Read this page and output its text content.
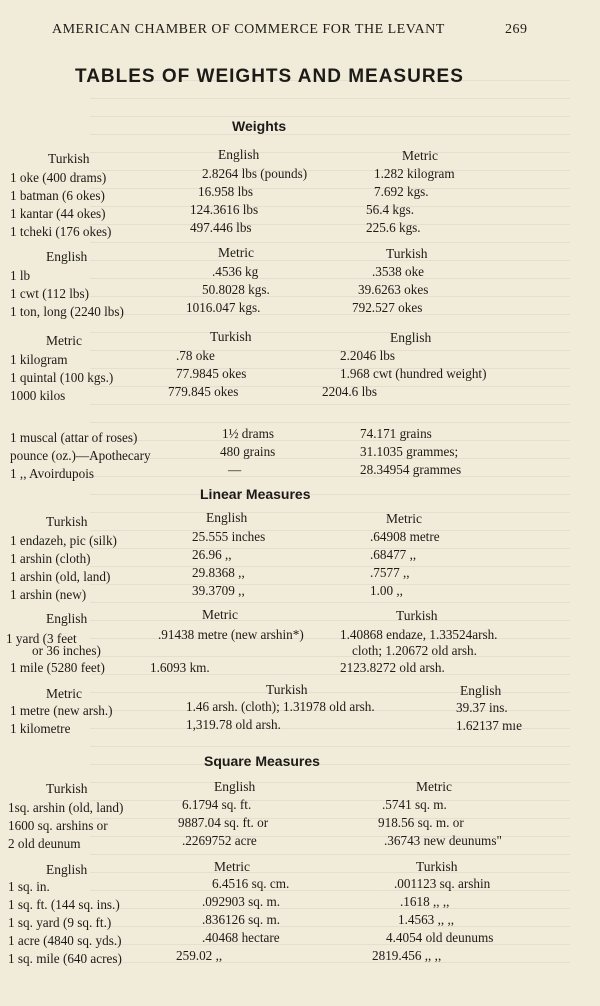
AMERICAN CHAMBER OF COMMERCE FOR THE LEVANT	269
TABLES OF WEIGHTS AND MEASURES
Weights
Turkish	English	Metric
1 oke (400 drams)	2.8264 lbs (pounds)	1.282 kilogram
1 batman (6 okes)	16.958 lbs	7.692 kgs.
1 kantar (44 okes)	124.3616 lbs	56.4 kgs.
1 tcheki (176 okes)	497.446 lbs	225.6 kgs.
English	Metric	Turkish
1 lb	.4536 kg	.3538 oke
1 cwt (112 lbs)	50.8028 kgs.	39.6263 okes
1 ton, long (2240 lbs)	1016.047 kgs.	792.527 okes
Metric	Turkish	English
1 kilogram	.78 oke	2.2046 lbs
1 quintal (100 kgs.)	77.9845 okes	1.968 cwt (hundred weight)
1000 kilos	779.845 okes	2204.6 lbs
1 muscal (attar of roses)	1½ drams	74.171 grains
pounce (oz.)—Apothecary	480 grains	31.1035 grammes;
1 ,, Avoirdupois	—	28.34954 grammes
Linear Measures
Turkish	English	Metric
1 endazeh, pic (silk)	25.555 inches	.64908 metre
1 arshin (cloth)	26.96 ,,	.68477 ,,
1 arshin (old, land)	29.8368 ,,	.7577 ,,
1 arshin (new)	39.3709 ,,	1.00 ,,
English	Metric	Turkish
1 yard (3 feet	.91438 metre (new arshin*)	1.40868 endaze, 1.33524arsh.
or 36 inches)	cloth; 1.20672 old arsh.
1 mile (5280 feet)	1.6093 km.	2123.8272 old arsh.
Metric	Turkish	English
1 metre (new arsh.)	1.46 arsh. (cloth); 1.31978 old arsh.	39.37 ins.
1 kilometre	1,319.78 old arsh.	1.62137 mıe
Square Measures
Turkish	English	Metric
1sq. arshin (old, land)	6.1794 sq. ft.	.5741 sq. m.
1600 sq. arshins or	9887.04 sq. ft. or	918.56 sq. m. or
2 old deunum	.2269752 acre	.36743 new deunums"
English	Metric	Turkish
1 sq. in.	6.4516 sq. cm.	.001123 sq. arshin
1 sq. ft. (144 sq. ins.)	.092903 sq. m.	.1618 ,, ,,
1 sq. yard (9 sq. ft.)	.836126 sq. m.	1.4563 ,, ,,
1 acre (4840 sq. yds.)	.40468 hectare	4.4054 old deunums
1 sq. mile (640 acres)	259.02 ,,	2819.456 ,, ,,
